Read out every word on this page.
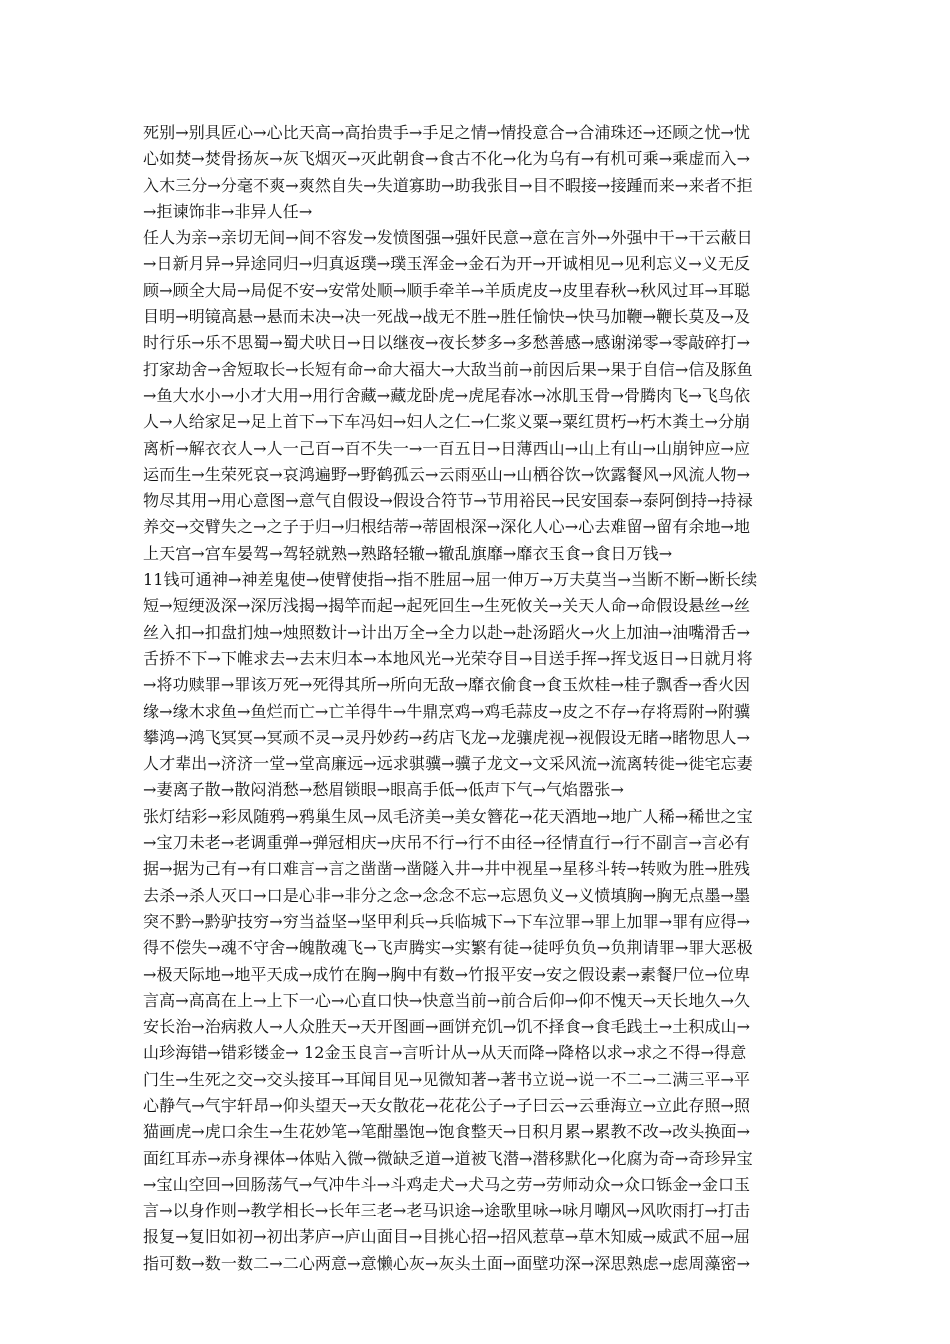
死别→别具匠心→心比天高→高抬贵手→手足之情→情投意合→合浦珠还→还顾之忧→忧
心如焚→焚骨扬灰→灰飞烟灭→灭此朝食→食古不化→化为乌有→有机可乘→乘虚而入→
入木三分→分毫不爽→爽然自失→失道寡助→助我张目→目不暇接→接踵而来→来者不拒
→拒谏饰非→非异人任→
任人为亲→亲切无间→间不容发→发愤图强→强奸民意→意在言外→外强中干→干云蔽日
→日新月异→异途同归→归真返璞→璞玉浑金→金石为开→开诚相见→见利忘义→义无反
顾→顾全大局→局促不安→安常处顺→顺手牵羊→羊质虎皮→皮里春秋→秋风过耳→耳聪
目明→明镜高悬→悬而未决→决一死战→战无不胜→胜任愉快→快马加鞭→鞭长莫及→及
时行乐→乐不思蜀→蜀犬吠日→日以继夜→夜长梦多→多愁善感→感谢涕零→零敲碎打→
打家劫舍→舍短取长→长短有命→命大福大→大敌当前→前因后果→果于自信→信及豚鱼
→鱼大水小→小才大用→用行舍藏→藏龙卧虎→虎尾春冰→冰肌玉骨→骨腾肉飞→飞鸟依
人→人给家足→足上首下→下车冯妇→妇人之仁→仁浆义粟→粟红贯朽→朽木粪土→分崩
离析→解衣衣人→人一己百→百不失一→一百五日→日薄西山→山上有山→山崩钟应→应
运而生→生荣死哀→哀鸿遍野→野鹤孤云→云雨巫山→山栖谷饮→饮露餐风→风流人物→
物尽其用→用心意图→意气自假设→假设合符节→节用裕民→民安国泰→泰阿倒持→持禄
养交→交臂失之→之子于归→归根结蒂→蒂固根深→深化人心→心去难留→留有余地→地
上天宫→宫车晏驾→驾轻就熟→熟路轻辙→辙乱旗靡→靡衣玉食→食日万钱→
11钱可通神→神差鬼使→使臂使指→指不胜屈→屈一伸万→万夫莫当→当断不断→断长续
短→短绠汲深→深厉浅揭→揭竿而起→起死回生→生死攸关→关天人命→命假设悬丝→丝
丝入扣→扣盘扪烛→烛照数计→计出万全→全力以赴→赴汤蹈火→火上加油→油嘴滑舌→
舌挢不下→下帷求去→去末归本→本地风光→光荣夺目→目送手挥→挥戈返日→日就月将
→将功赎罪→罪该万死→死得其所→所向无敌→靡衣偷食→食玉炊桂→桂子飘香→香火因
缘→缘木求鱼→鱼烂而亡→亡羊得牛→牛鼎烹鸡→鸡毛蒜皮→皮之不存→存将焉附→附骥
攀鸿→鸿飞冥冥→冥顽不灵→灵丹妙药→药店飞龙→龙骧虎视→视假设无睹→睹物思人→
人才辈出→济济一堂→堂高廉远→远求骐骥→骥子龙文→文采风流→流离转徙→徙宅忘妻
→妻离子散→散闷消愁→愁眉锁眼→眼高手低→低声下气→气焰嚣张→
张灯结彩→彩凤随鸦→鸦巢生凤→凤毛济美→美女簪花→花天酒地→地广人稀→稀世之宝
→宝刀未老→老调重弹→弹冠相庆→庆吊不行→行不由径→径情直行→行不副言→言必有
据→据为己有→有口难言→言之凿凿→凿隧入井→井中视星→星移斗转→转败为胜→胜残
去杀→杀人灭口→口是心非→非分之念→念念不忘→忘恩负义→义愤填胸→胸无点墨→墨
突不黔→黔驴技穷→穷当益坚→坚甲利兵→兵临城下→下车泣罪→罪上加罪→罪有应得→
得不偿失→魂不守舍→魄散魂飞→飞声腾实→实繁有徒→徒呼负负→负荆请罪→罪大恶极
→极天际地→地平天成→成竹在胸→胸中有数→竹报平安→安之假设素→素餐尸位→位卑
言高→高高在上→上下一心→心直口快→快意当前→前合后仰→仰不愧天→天长地久→久
安长治→治病救人→人众胜天→天开图画→画饼充饥→饥不择食→食毛践土→土积成山→
山珍海错→错彩镂金→ 12金玉良言→言听计从→从天而降→降格以求→求之不得→得意
门生→生死之交→交头接耳→耳闻目见→见微知著→著书立说→说一不二→二满三平→平
心静气→气宇轩昂→仰头望天→天女散花→花花公子→子曰云→云垂海立→立此存照→照
猫画虎→虎口余生→生花妙笔→笔酣墨饱→饱食整天→日积月累→累教不改→改头换面→
面红耳赤→赤身裸体→体贴入微→微缺乏道→道被飞潜→潜移默化→化腐为奇→奇珍异宝
→宝山空回→回肠荡气→气冲牛斗→斗鸡走犬→犬马之劳→劳师动众→众口铄金→金口玉
言→以身作则→教学相长→长年三老→老马识途→途歌里咏→咏月嘲风→风吹雨打→打击
报复→复旧如初→初出茅庐→庐山面目→目挑心招→招风惹草→草木知威→威武不屈→屈
指可数→数一数二→二心两意→意懒心灰→灰头土面→面壁功深→深思熟虑→虑周藻密→
